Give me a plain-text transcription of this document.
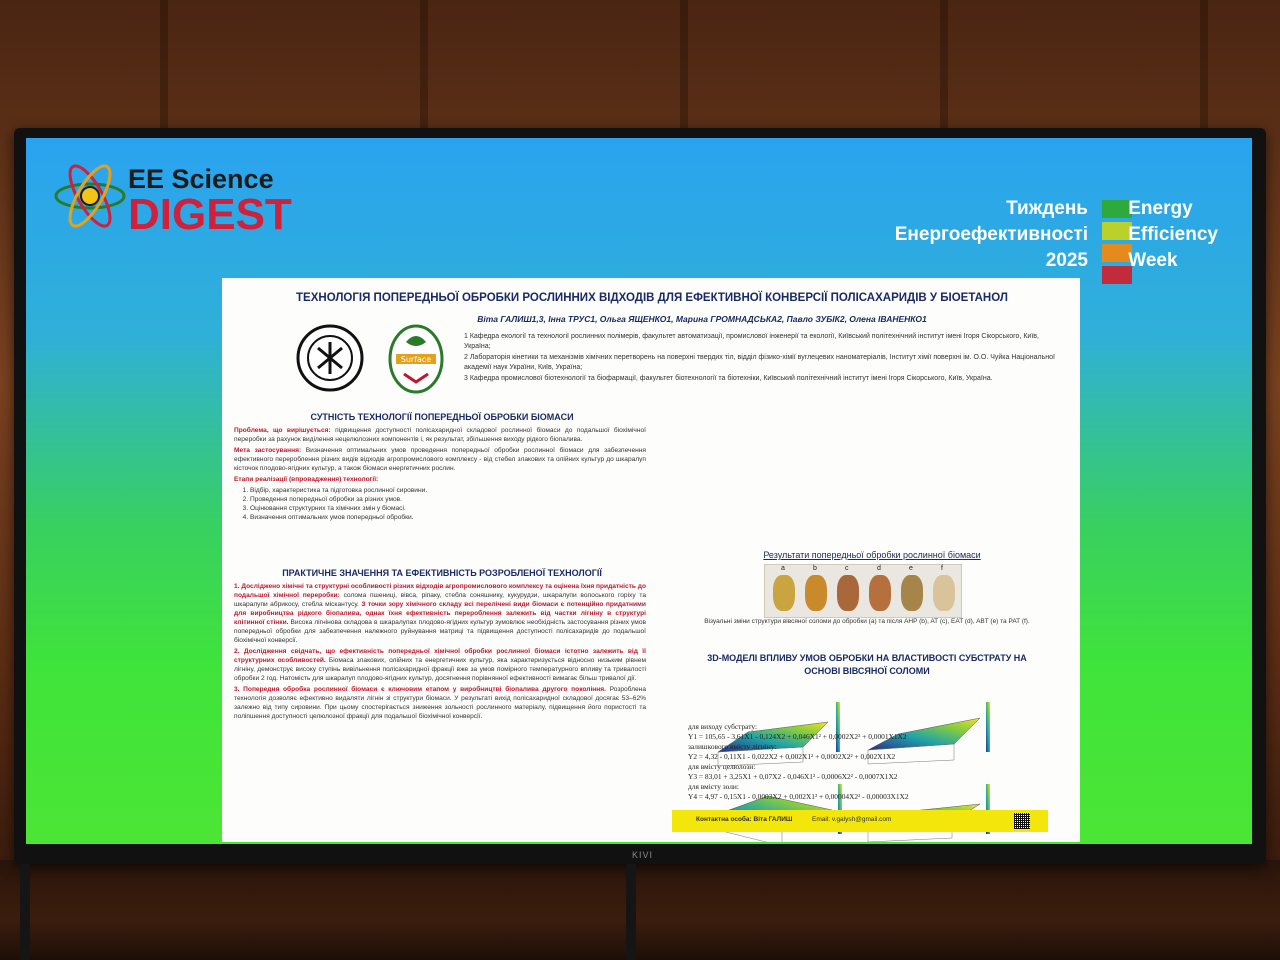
KIVI
EE Science
DIGEST	Тиждень
Енергоефективності
2025
Energy
Efficiency
Week
ТЕХНОЛОГІЯ ПОПЕРЕДНЬОЇ ОБРОБКИ РОСЛИННИХ ВІДХОДІВ ДЛЯ ЕФЕКТИВНОЇ КОНВЕРСІЇ ПОЛІСАХАРИДІВ У БІОЕТАНОЛ
Віта ГАЛИШ1,3, Інна ТРУС1, Ольга ЯЩЕНКО1, Марина ГРОМНАДСЬКА2, Павло ЗУБІК2, Олена ІВАНЕНКО1
Surface

1 Кафедра екології та технології рослинних полімерів, факультет автоматизації, промислової інженерії та екології, Київський політехнічний інститут імені Ігоря Сікорського, Київ, Україна;

2 Лабораторія кінетики та механізмів хімічних перетворень на поверхні твердих тіл, відділ фізико-хімії вуглецевих наноматеріалів, Інститут хімії поверхні ім. О.О. Чуйка Національної академії наук України, Київ, Україна;

3 Кафедра промислової біотехнології та біофармації, факультет біотехнології та біотехніки, Київський політехнічний інститут імені Ігоря Сікорського, Київ, Україна.

СУТНІСТЬ ТЕХНОЛОГІЇ ПОПЕРЕДНЬОЇ ОБРОБКИ БІОМАСИ

Проблема, що вирішується: підвищення доступності полісахаридної складової рослинної біомаси до подальшої біохімічної переробки за рахунок виділення нецелюлозних компонентів і, як результат, збільшення виходу рідкого біопалива.

Мета застосування: Визначення оптимальних умов проведення попередньої обробки рослинної біомаси для забезпечення ефективного перероблення різних видів відходів агропромислового комплексу - від стебел злакових та олійних культур до шкаралуп кісточок плодово-ягідних культур, а також біомаси енергетичних рослин.

Етапи реалізації (впровадження) технології:

1. Відбір, характеристика та підготовка рослинної сировини.
2. Проведення попередньої обробки за різних умов.
3. Оцінювання структурних та хімічних змін у біомасі.
4. Визначення оптимальних умов попередньої обробки.
ПРАКТИЧНЕ ЗНАЧЕННЯ ТА ЕФЕКТИВНІСТЬ РОЗРОБЛЕНОЇ ТЕХНОЛОГІЇ

1. Досліджено хімічні та структурні особливості різних відходів агропромислового комплексу та оцінена їхня придатність до подальшої хімічної переробки: солома пшениці, вівса, ріпаку, стебла соняшнику, кукурудзи, шкаралупи волоського горіху та шкаралупи абрикосу, стебла міскантусу. З точки зору хімічного складу всі перелічені види біомаси є потенційно придатними для виробництва рідкого біопалива, однак їхня ефективність перероблення залежить від частки лігніну в структурі клітинної стінки. Висока лігнінова складова в шкаралупах плодово-ягідних культур зумовлює необхідність застосування різних умов попередньої обробки для забезпечення належного руйнування матриці та підвищення доступності полісахаридів до подальшої біохімічної конверсії.

2. Дослідження свідчать, що ефективність попередньої хімічної обробки рослинної біомаси істотно залежить від її структурних особливостей. Біомаса злакових, олійних та енергетичних культур, яка характеризується відносно низьким рівнем лігніну, демонструє високу ступінь вивільнення полісахаридної фракції вже за умов помірного температурного впливу та тривалості обробки 2 год. Натомість для шкаралуп плодово-ягідних культур, досягнення порівнянної ефективності вимагає більш тривалої дії.

3. Попередня обробка рослинної біомаси є ключовим етапом у виробництві біопалива другого покоління. Розроблена технологія дозволяє ефективно видаляти лігнін зі структури біомаси. У результаті вихід полісахаридної складової досягає 53–62% залежно від типу сировини. При цьому спостерігається зниження зольності рослинного матеріалу, підвищення його пористості та поліпшення доступності целюлозної фракції для подальшої біохімічної конверсії.

Результати попередньої обробки рослинної біомаси
a	b	c	d	e	f
Візуальні зміни структури вівсяної соломи до обробки (a) та після AHP (b), AT (c), EAT (d), ABT (e) та PAT (f).
3D-МОДЕЛІ ВПЛИВУ УМОВ ОБРОБКИ НА ВЛАСТИВОСТІ СУБСТРАТУ НА ОСНОВІ ВІВСЯНОЇ СОЛОМИ

для виходу субстрату:

Y1 = 105,65 - 3,61X1 - 0,124X2 + 0,046X1² + 0,0002X2² + 0,0001X1X2

залишкового вмісту лігніну:

Y2 = 4,32 - 0,11X1 - 0,022X2 + 0,002X1² + 0,0002X2² + 0,002X1X2

для вмісту целюлози:

Y3 = 83,01 + 3,25X1 + 0,07X2 - 0,046X1² - 0,0006X2² - 0,0007X1X2

для вмісту золи:

Y4 = 4,97 - 0,15X1 - 0,0003X2 + 0,002X1² + 0,00004X2² - 0,00003X1X2

Контактна особа: Віта ГАЛИШ	Email: v.galysh@gmail.com
